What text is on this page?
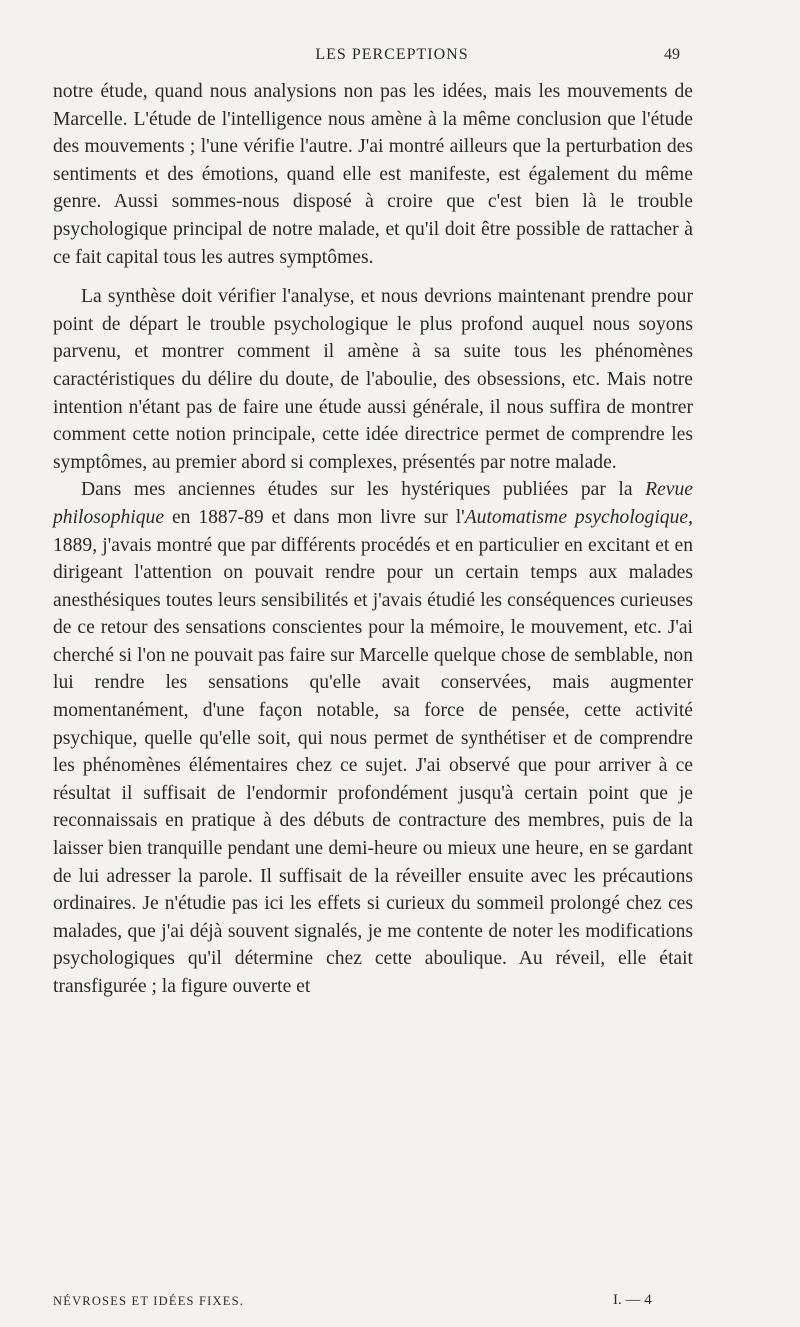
LES PERCEPTIONS	49

notre étude, quand nous analysions non pas les idées, mais les mouvements de Marcelle. L'étude de l'intelligence nous amène à la même conclusion que l'étude des mouvements ; l'une vérifie l'autre. J'ai montré ailleurs que la perturbation des sentiments et des émotions, quand elle est manifeste, est également du même genre. Aussi sommes-nous disposé à croire que c'est bien là le trouble psychologique principal de notre malade, et qu'il doit être possible de rattacher à ce fait capital tous les autres symptômes.

La synthèse doit vérifier l'analyse, et nous devrions maintenant prendre pour point de départ le trouble psychologique le plus profond auquel nous soyons parvenu, et montrer comment il amène à sa suite tous les phénomènes caractéristiques du délire du doute, de l'aboulie, des obsessions, etc. Mais notre intention n'étant pas de faire une étude aussi générale, il nous suffira de montrer comment cette notion principale, cette idée directrice permet de comprendre les symptômes, au premier abord si complexes, présentés par notre malade.

Dans mes anciennes études sur les hystériques publiées par la Revue philosophique en 1887-89 et dans mon livre sur l'Automatisme psychologique, 1889, j'avais montré que par différents procédés et en particulier en excitant et en dirigeant l'attention on pouvait rendre pour un certain temps aux malades anesthésiques toutes leurs sensibilités et j'avais étudié les conséquences curieuses de ce retour des sensations conscientes pour la mémoire, le mouvement, etc. J'ai cherché si l'on ne pouvait pas faire sur Marcelle quelque chose de semblable, non lui rendre les sensations qu'elle avait conservées, mais augmenter momentanément, d'une façon notable, sa force de pensée, cette activité psychique, quelle qu'elle soit, qui nous permet de synthétiser et de comprendre les phénomènes élémentaires chez ce sujet. J'ai observé que pour arriver à ce résultat il suffisait de l'endormir profondément jusqu'à certain point que je reconnaissais en pratique à des débuts de contracture des membres, puis de la laisser bien tranquille pendant une demi-heure ou mieux une heure, en se gardant de lui adresser la parole. Il suffisait de la réveiller ensuite avec les précautions ordinaires. Je n'étudie pas ici les effets si curieux du sommeil prolongé chez ces malades, que j'ai déjà souvent signalés, je me contente de noter les modifications psychologiques qu'il détermine chez cette aboulique. Au réveil, elle était transfigurée ; la figure ouverte et

NÉVROSES ET IDÉES FIXES.	I. — 4
